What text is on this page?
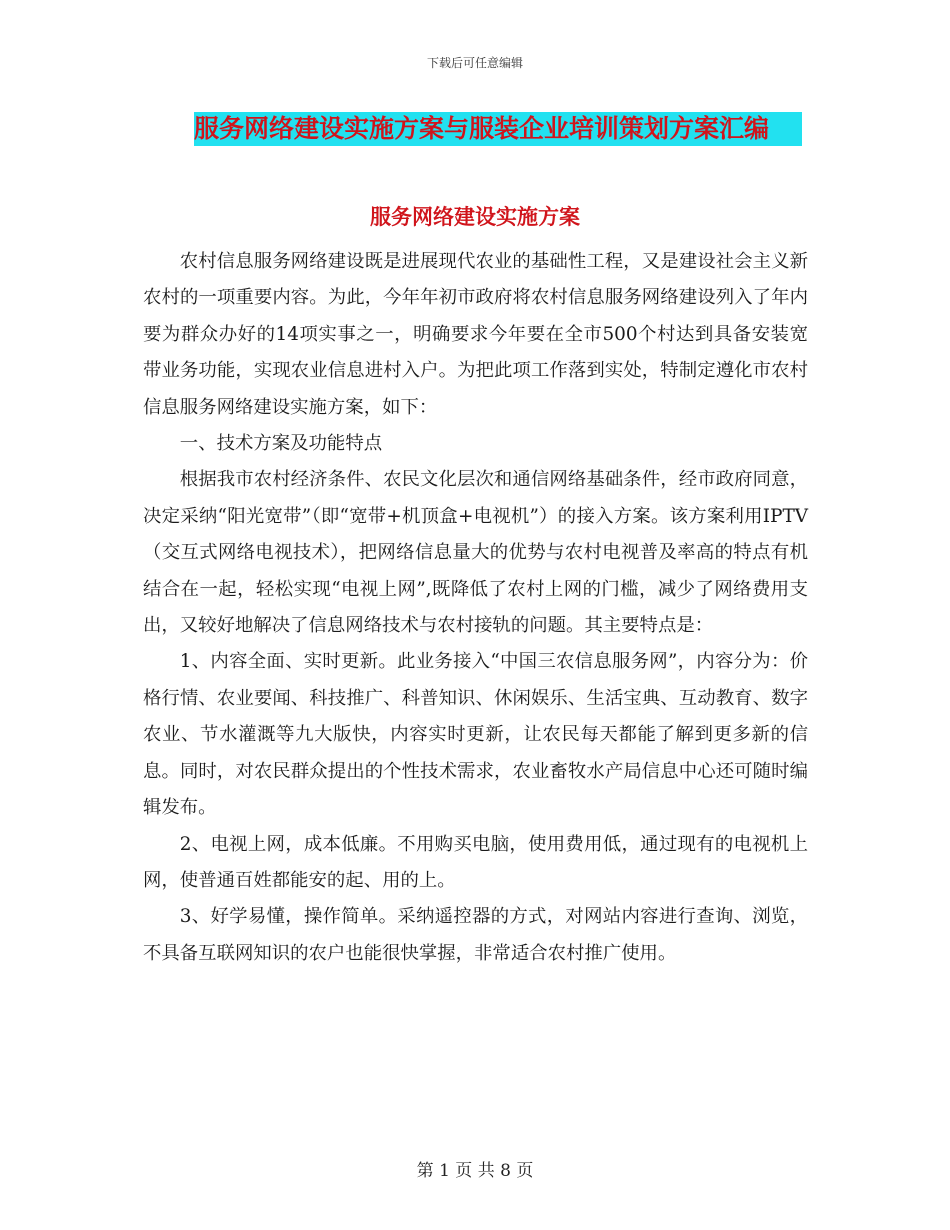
下载后可任意编辑
服务网络建设实施方案与服装企业培训策划方案汇编
服务网络建设实施方案

农村信息服务网络建设既是进展现代农业的基础性工程，又是建设社会主义新农村的一项重要内容。为此，今年年初市政府将农村信息服务网络建设列入了年内要为群众办好的14项实事之一，明确要求今年要在全市500个村达到具备安装宽带业务功能，实现农业信息进村入户。为把此项工作落到实处，特制定遵化市农村信息服务网络建设实施方案，如下：

一、技术方案及功能特点

根据我市农村经济条件、农民文化层次和通信网络基础条件，经市政府同意，决定采纳“阳光宽带”（即“宽带+机顶盒+电视机”）的接入方案。该方案利用IPTV（交互式网络电视技术），把网络信息量大的优势与农村电视普及率高的特点有机结合在一起，轻松实现“电视上网”,既降低了农村上网的门槛，减少了网络费用支出，又较好地解决了信息网络技术与农村接轨的问题。其主要特点是：

1、内容全面、实时更新。此业务接入“中国三农信息服务网”，内容分为：价格行情、农业要闻、科技推广、科普知识、休闲娱乐、生活宝典、互动教育、数字农业、节水灌溉等九大版快，内容实时更新，让农民每天都能了解到更多新的信息。同时，对农民群众提出的个性技术需求，农业畜牧水产局信息中心还可随时编辑发布。

2、电视上网，成本低廉。不用购买电脑，使用费用低，通过现有的电视机上网，使普通百姓都能安的起、用的上。

3、好学易懂，操作简单。采纳遥控器的方式，对网站内容进行查询、浏览，不具备互联网知识的农户也能很快掌握，非常适合农村推广使用。

第 1 页 共 8 页
